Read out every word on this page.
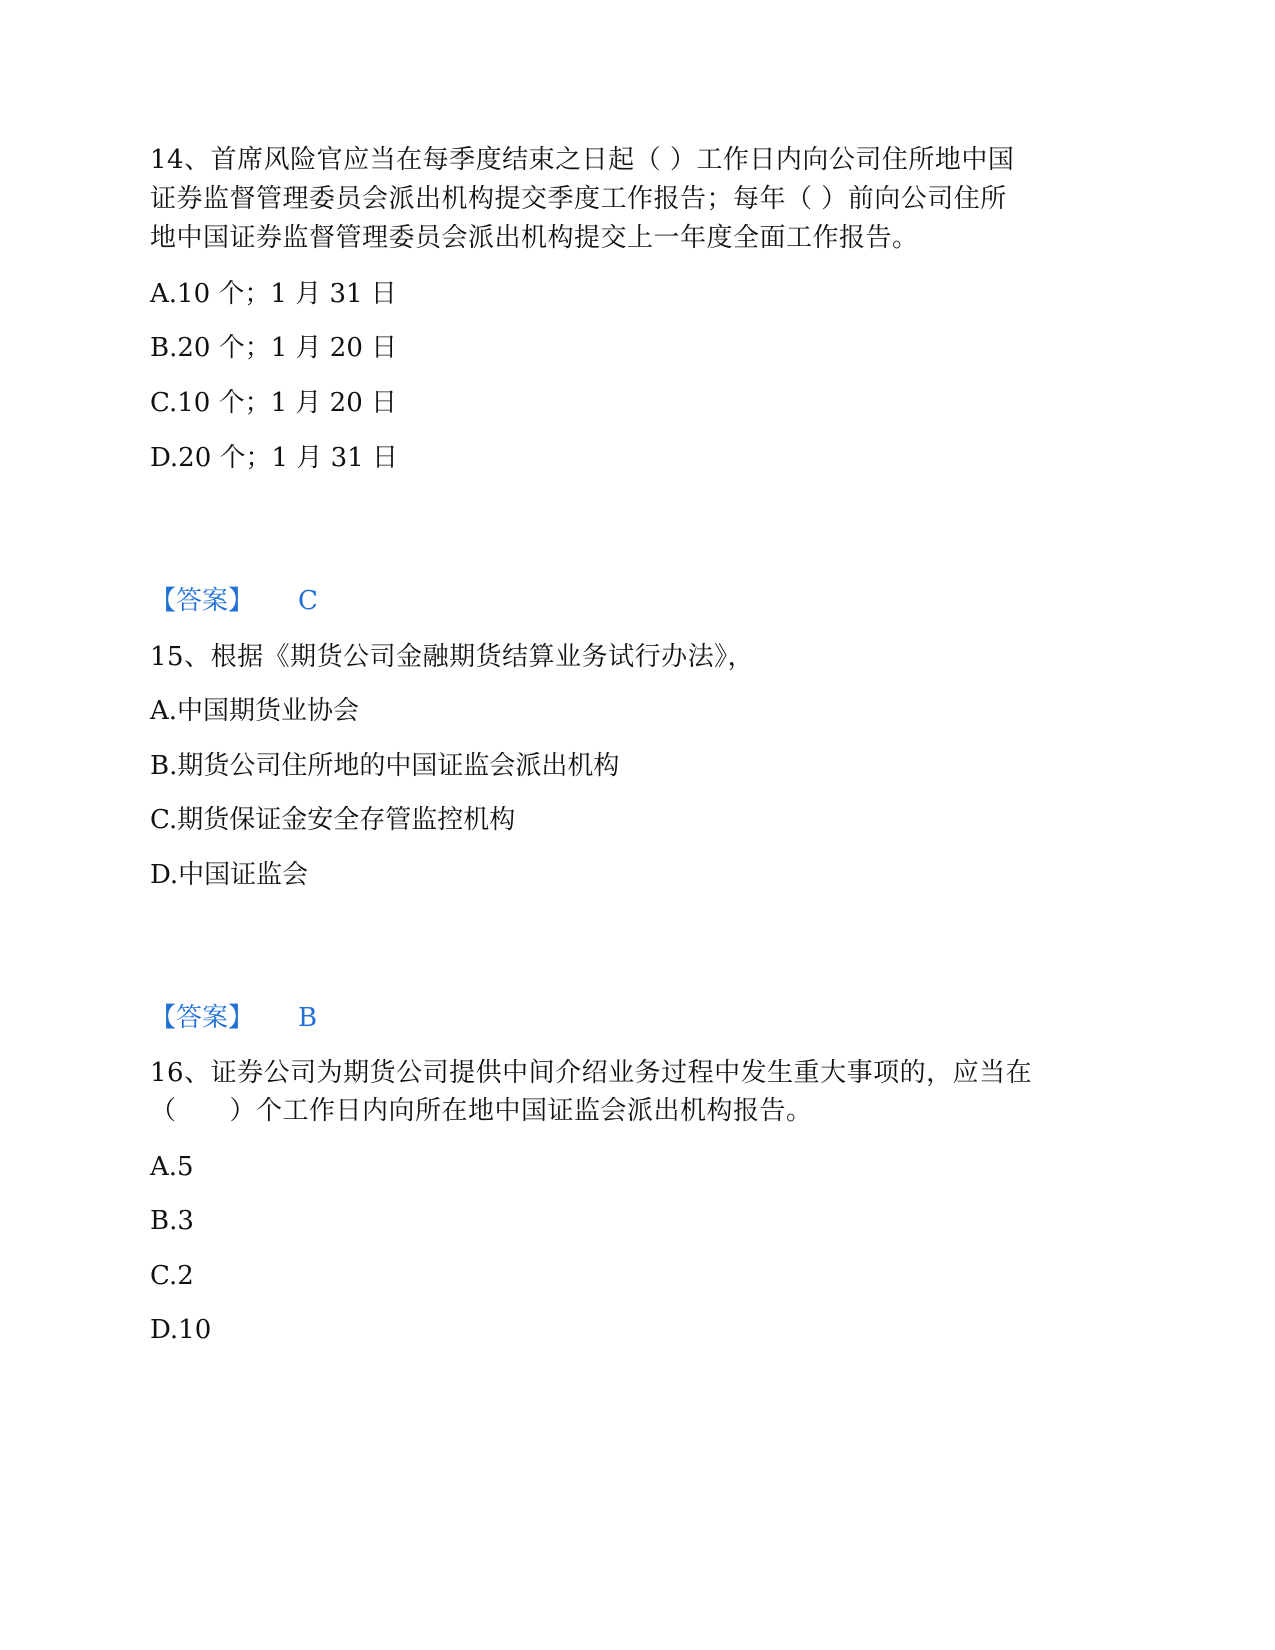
14、首席风险官应当在每季度结束之日起（ ）工作日内向公司住所地中国
证券监督管理委员会派出机构提交季度工作报告；每年（ ）前向公司住所
地中国证券监督管理委员会派出机构提交上一年度全面工作报告。
A.10 个；1 月 31 日
B.20 个；1 月 20 日
C.10 个；1 月 20 日
D.20 个；1 月 31 日
【答案】 C
15、根据《期货公司金融期货结算业务试行办法》，
A.中国期货业协会
B.期货公司住所地的中国证监会派出机构
C.期货保证金安全存管监控机构
D.中国证监会
【答案】 B
16、证券公司为期货公司提供中间介绍业务过程中发生重大事项的，应当在
（　　）个工作日内向所在地中国证监会派出机构报告。
A.5
B.3
C.2
D.10
